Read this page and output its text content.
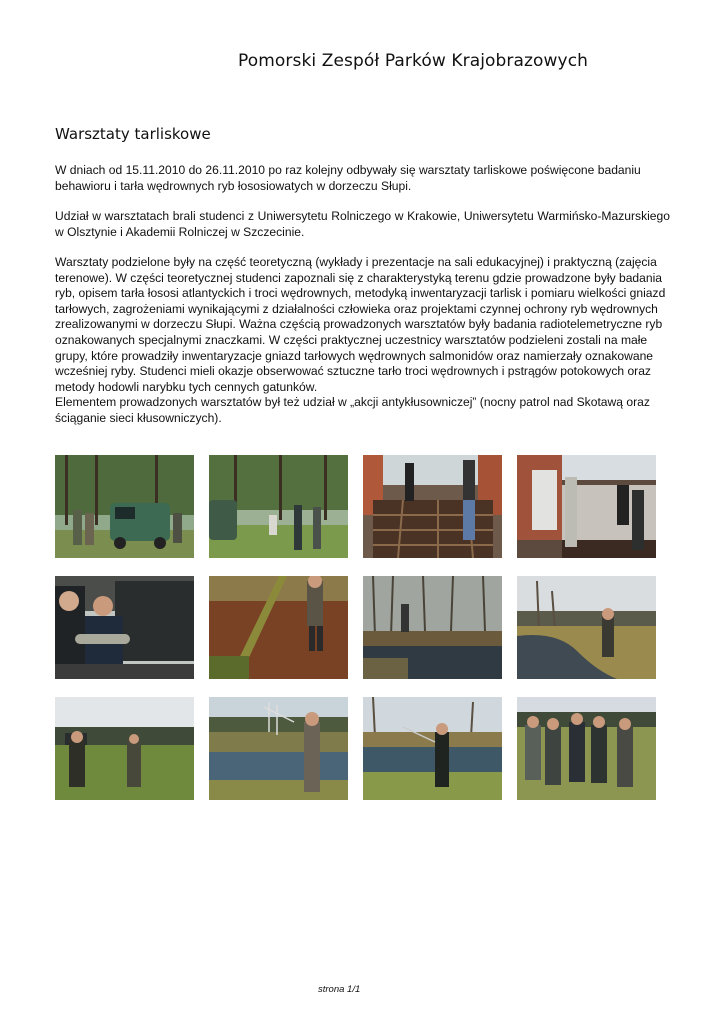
Pomorski Zespół Parków Krajobrazowych
Warsztaty tarliskowe

W dniach od 15.11.2010 do 26.11.2010 po raz kolejny odbywały się warsztaty tarliskowe poświęcone badaniu behawioru i tarła wędrownych ryb łososiowatych w dorzeczu Słupi.

Udział w warsztatach brali studenci z Uniwersytetu Rolniczego w Krakowie, Uniwersytetu Warmińsko-Mazurskiego w Olsztynie i Akademii Rolniczej w Szczecinie.

Warsztaty podzielone były na część teoretyczną (wykłady i prezentacje na sali edukacyjnej) i praktyczną (zajęcia terenowe). W części teoretycznej studenci zapoznali się z charakterystyką terenu gdzie prowadzone były badania ryb, opisem tarła łososi atlantyckich i troci wędrownych, metodyką inwentaryzacji tarlisk i pomiaru wielkości gniazd tarłowych, zagrożeniami wynikającymi z działalności człowieka oraz projektami czynnej ochrony ryb wędrownych zrealizowanymi w dorzeczu Słupi. Ważna częścią prowadzonych warsztatów były badania radiotelemetryczne ryb oznakowanych specjalnymi znaczkami. W części praktycznej uczestnicy warsztatów podzieleni zostali na małe grupy, które prowadziły inwentaryzacje gniazd tarłowych wędrownych salmonidów oraz namierzały oznakowane wcześniej ryby. Studenci mieli okazje obserwować sztuczne tarło troci wędrownych i pstrągów potokowych oraz metody hodowli narybku tych cennych gatunków.
Elementem prowadzonych warsztatów był też udział w „akcji antykłusowniczej” (nocny patrol nad Skotawą oraz ściąganie sieci kłusowniczych).
strona 1/1
